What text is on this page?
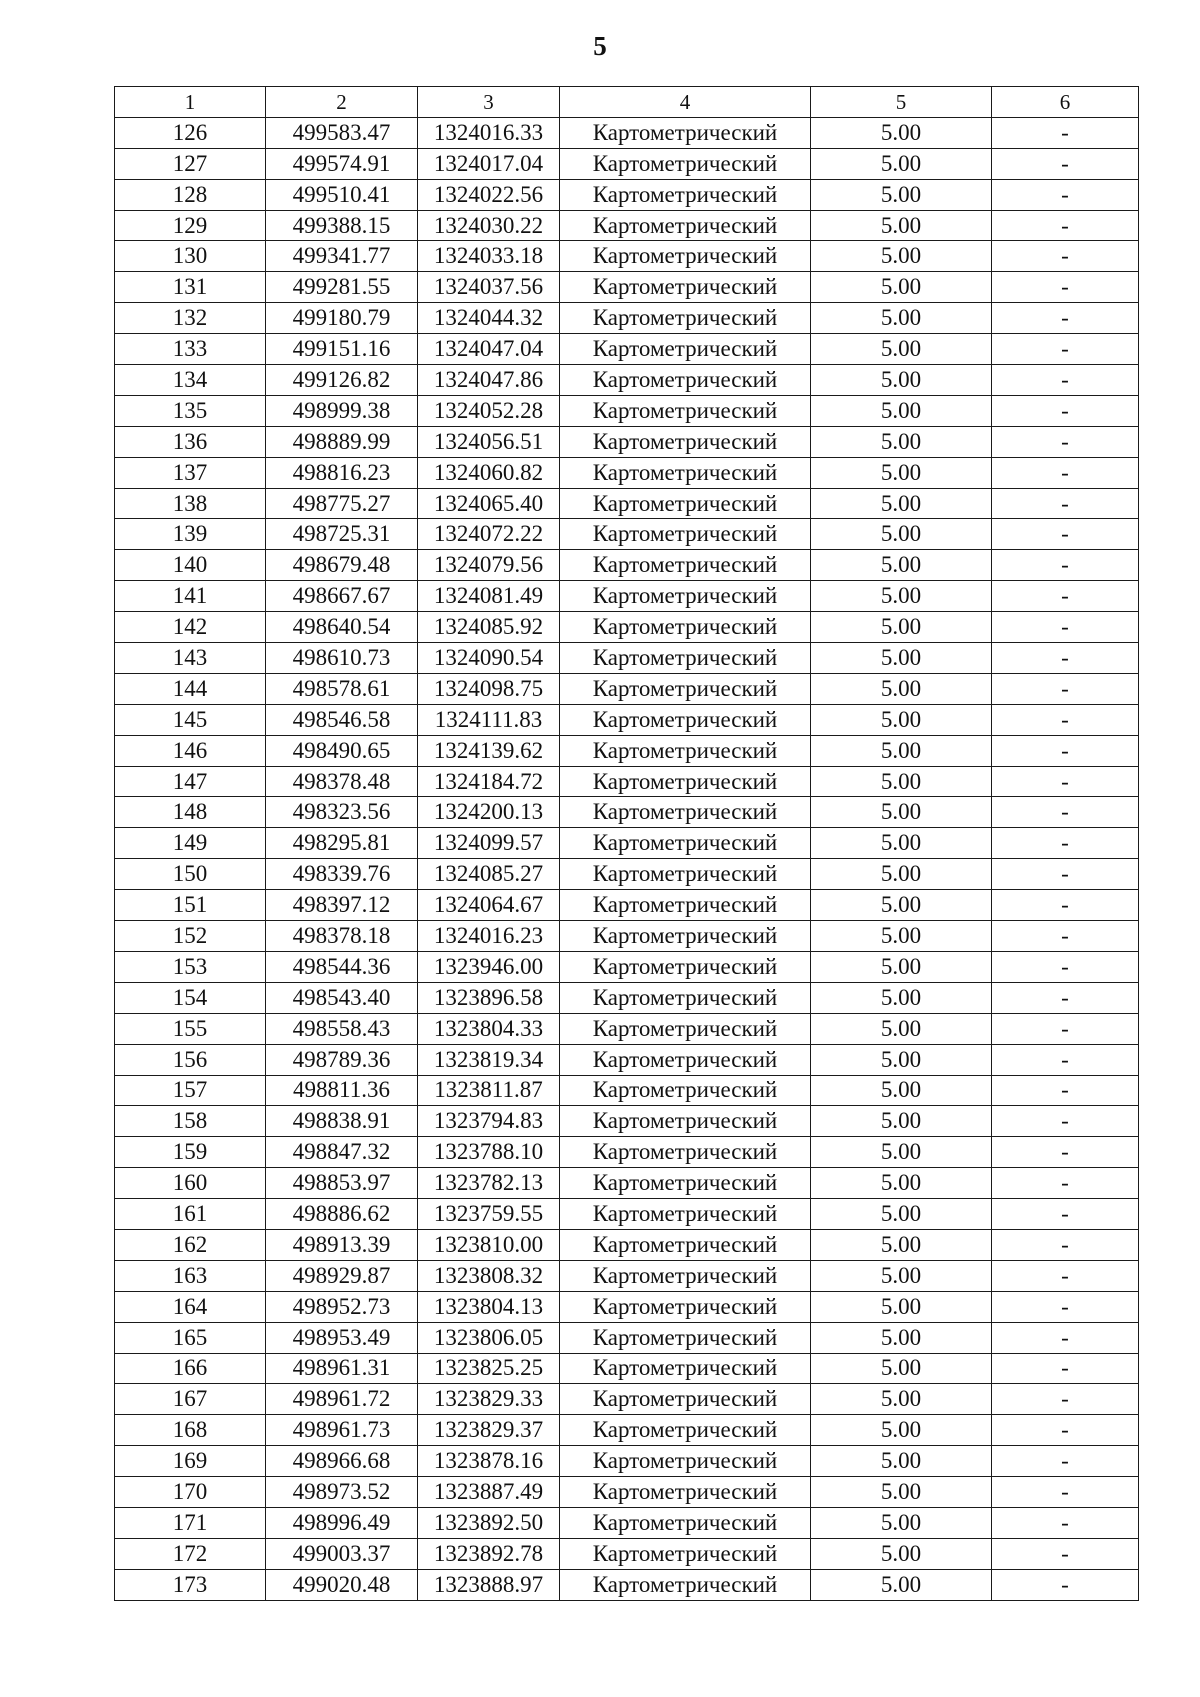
5
1	2	3	4	5	6
126	499583.47	1324016.33	Картометрический	5.00	-
127	499574.91	1324017.04	Картометрический	5.00	-
128	499510.41	1324022.56	Картометрический	5.00	-
129	499388.15	1324030.22	Картометрический	5.00	-
130	499341.77	1324033.18	Картометрический	5.00	-
131	499281.55	1324037.56	Картометрический	5.00	-
132	499180.79	1324044.32	Картометрический	5.00	-
133	499151.16	1324047.04	Картометрический	5.00	-
134	499126.82	1324047.86	Картометрический	5.00	-
135	498999.38	1324052.28	Картометрический	5.00	-
136	498889.99	1324056.51	Картометрический	5.00	-
137	498816.23	1324060.82	Картометрический	5.00	-
138	498775.27	1324065.40	Картометрический	5.00	-
139	498725.31	1324072.22	Картометрический	5.00	-
140	498679.48	1324079.56	Картометрический	5.00	-
141	498667.67	1324081.49	Картометрический	5.00	-
142	498640.54	1324085.92	Картометрический	5.00	-
143	498610.73	1324090.54	Картометрический	5.00	-
144	498578.61	1324098.75	Картометрический	5.00	-
145	498546.58	1324111.83	Картометрический	5.00	-
146	498490.65	1324139.62	Картометрический	5.00	-
147	498378.48	1324184.72	Картометрический	5.00	-
148	498323.56	1324200.13	Картометрический	5.00	-
149	498295.81	1324099.57	Картометрический	5.00	-
150	498339.76	1324085.27	Картометрический	5.00	-
151	498397.12	1324064.67	Картометрический	5.00	-
152	498378.18	1324016.23	Картометрический	5.00	-
153	498544.36	1323946.00	Картометрический	5.00	-
154	498543.40	1323896.58	Картометрический	5.00	-
155	498558.43	1323804.33	Картометрический	5.00	-
156	498789.36	1323819.34	Картометрический	5.00	-
157	498811.36	1323811.87	Картометрический	5.00	-
158	498838.91	1323794.83	Картометрический	5.00	-
159	498847.32	1323788.10	Картометрический	5.00	-
160	498853.97	1323782.13	Картометрический	5.00	-
161	498886.62	1323759.55	Картометрический	5.00	-
162	498913.39	1323810.00	Картометрический	5.00	-
163	498929.87	1323808.32	Картометрический	5.00	-
164	498952.73	1323804.13	Картометрический	5.00	-
165	498953.49	1323806.05	Картометрический	5.00	-
166	498961.31	1323825.25	Картометрический	5.00	-
167	498961.72	1323829.33	Картометрический	5.00	-
168	498961.73	1323829.37	Картометрический	5.00	-
169	498966.68	1323878.16	Картометрический	5.00	-
170	498973.52	1323887.49	Картометрический	5.00	-
171	498996.49	1323892.50	Картометрический	5.00	-
172	499003.37	1323892.78	Картометрический	5.00	-
173	499020.48	1323888.97	Картометрический	5.00	-
